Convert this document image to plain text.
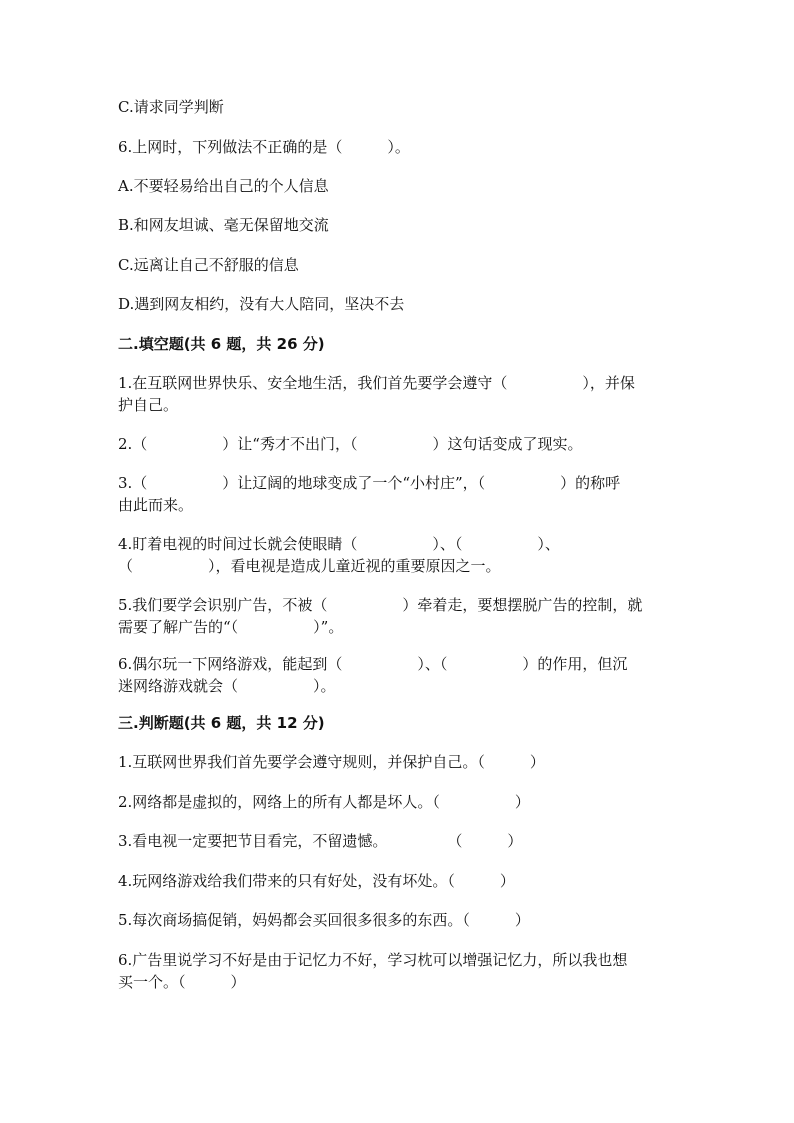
C.请求同学判断
6.上网时，下列做法不正确的是（　　　）。
A.不要轻易给出自己的个人信息
B.和网友坦诚、毫无保留地交流
C.远离让自己不舒服的信息
D.遇到网友相约，没有大人陪同，坚决不去
二.填空题(共 6 题，共 26 分)
1.在互联网世界快乐、安全地生活，我们首先要学会遵守（　　　　　），并保
护自己。
2.（　　　　　）让“秀才不出门，（　　　　　）这句话变成了现实。
3.（　　　　　）让辽阔的地球变成了一个“小村庄”，（　　　　　）的称呼
由此而来。
4.盯着电视的时间过长就会使眼睛（　　　　　）、（　　　　　）、
（　　　　　），看电视是造成儿童近视的重要原因之一。
5.我们要学会识别广告，不被（　　　　　）牵着走，要想摆脱广告的控制，就
需要了解广告的“（　　　　　）”。
6.偶尔玩一下网络游戏，能起到（　　　　　）、（　　　　　）的作用，但沉
迷网络游戏就会（　　　　　）。
三.判断题(共 6 题，共 12 分)
1.互联网世界我们首先要学会遵守规则，并保护自己。（　　　）
2.网络都是虚拟的，网络上的所有人都是坏人。（　　　　　）
3.看电视一定要把节目看完，不留遗憾。　　　　　（　　　）
4.玩网络游戏给我们带来的只有好处，没有坏处。（　　　）
5.每次商场搞促销，妈妈都会买回很多很多的东西。（　　　）
6.广告里说学习不好是由于记忆力不好，学习枕可以增强记忆力，所以我也想
买一个。（　　　）
